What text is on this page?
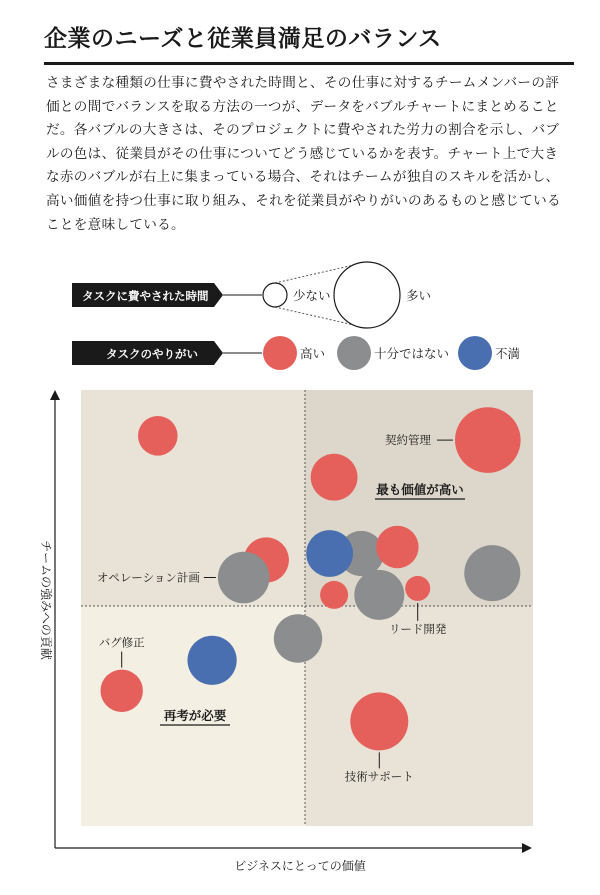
企業のニーズと従業員満足のバランス

さまざまな種類の仕事に費やされた時間と、その仕事に対するチームメンバーの評価との間でバランスを取る方法の一つが、データをバブルチャートにまとめることだ。各バブルの大きさは、そのプロジェクトに費やされた労力の割合を示し、バブルの色は、従業員がその仕事についてどう感じているかを表す。チャート上で大きな赤のバブルが右上に集まっている場合、それはチームが独自のスキルを活かし、高い価値を持つ仕事に取り組み、それを従業員がやりがいのあるものと感じていることを意味している。

タスクに費やされた時間	少ない	多い
タスクのやりがい	高い	十分ではない	不満
契約管理
オペレーション計画
リード開発
バグ修正
技術サポート
最も価値が高い
再考が必要
ビジネスにとっての価値
チームの強みへの貢献
